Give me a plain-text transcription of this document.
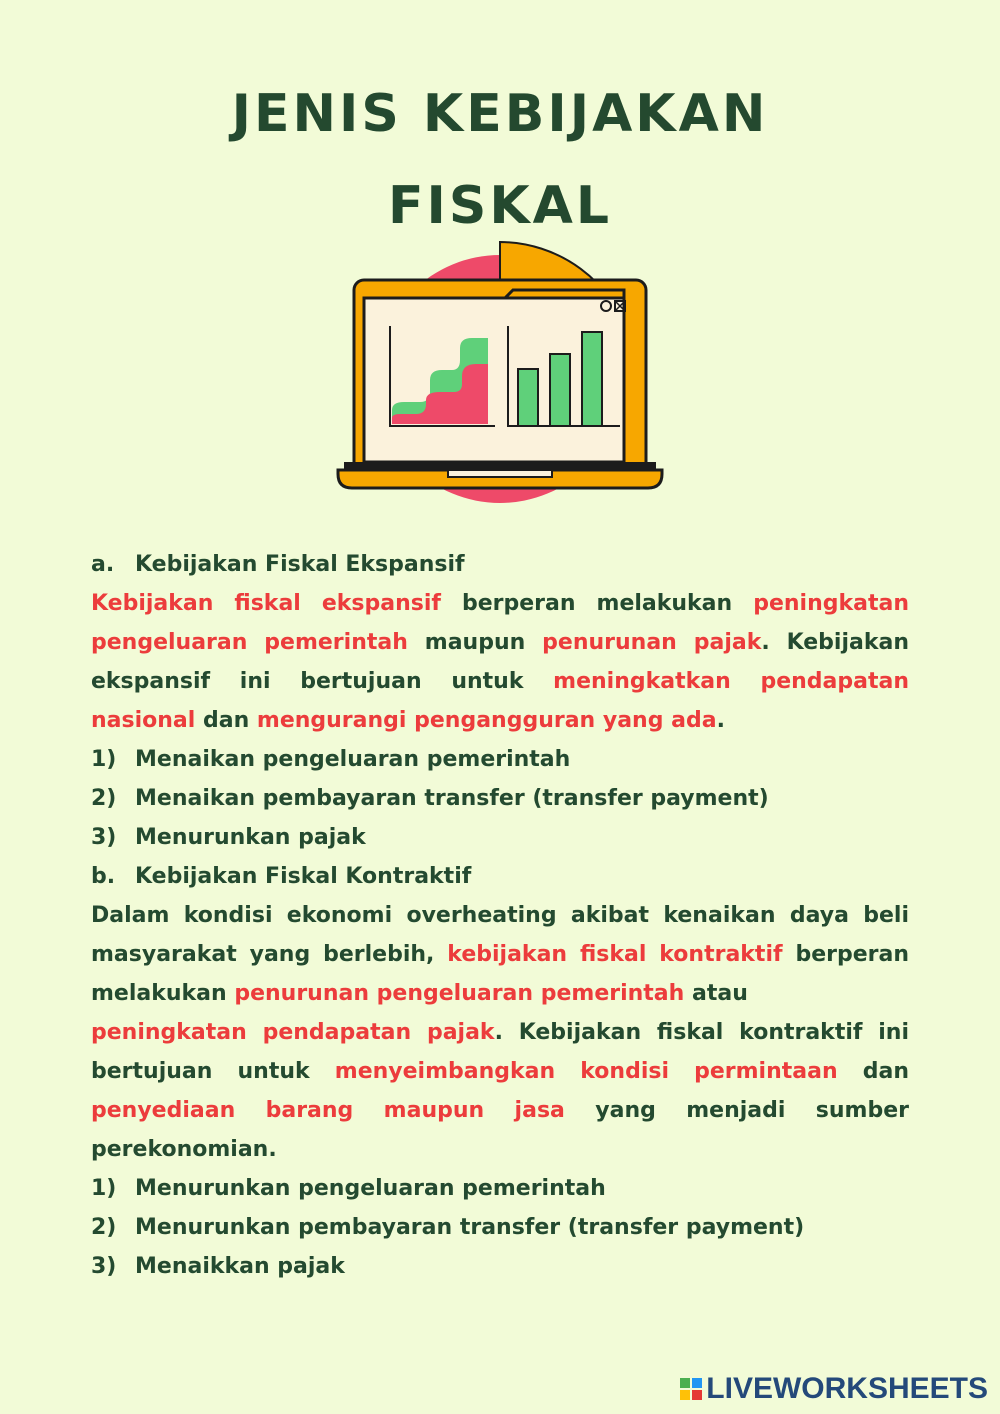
JENIS KEBIJAKAN
FISKAL
a. Kebijakan Fiskal Ekspansif
Kebijakan fiskal ekspansif berperan melakukan peningkatan pengeluaran pemerintah maupun penurunan pajak. Kebijakan ekspansif ini bertujuan untuk meningkatkan pendapatan nasional dan mengurangi pengangguran yang ada.
1) Menaikan pengeluaran pemerintah
2) Menaikan pembayaran transfer (transfer payment)
3) Menurunkan pajak
b. Kebijakan Fiskal Kontraktif
Dalam kondisi ekonomi overheating akibat kenaikan daya beli masyarakat yang berlebih, kebijakan fiskal kontraktif berperan melakukan penurunan pengeluaran pemerintah atau
peningkatan pendapatan pajak. Kebijakan fiskal kontraktif ini bertujuan untuk menyeimbangkan kondisi permintaan dan penyediaan barang maupun jasa yang menjadi sumber perekonomian.
1) Menurunkan pengeluaran pemerintah
2) Menurunkan pembayaran transfer (transfer payment)
3) Menaikkan pajak
LIVEWORKSHEETS
